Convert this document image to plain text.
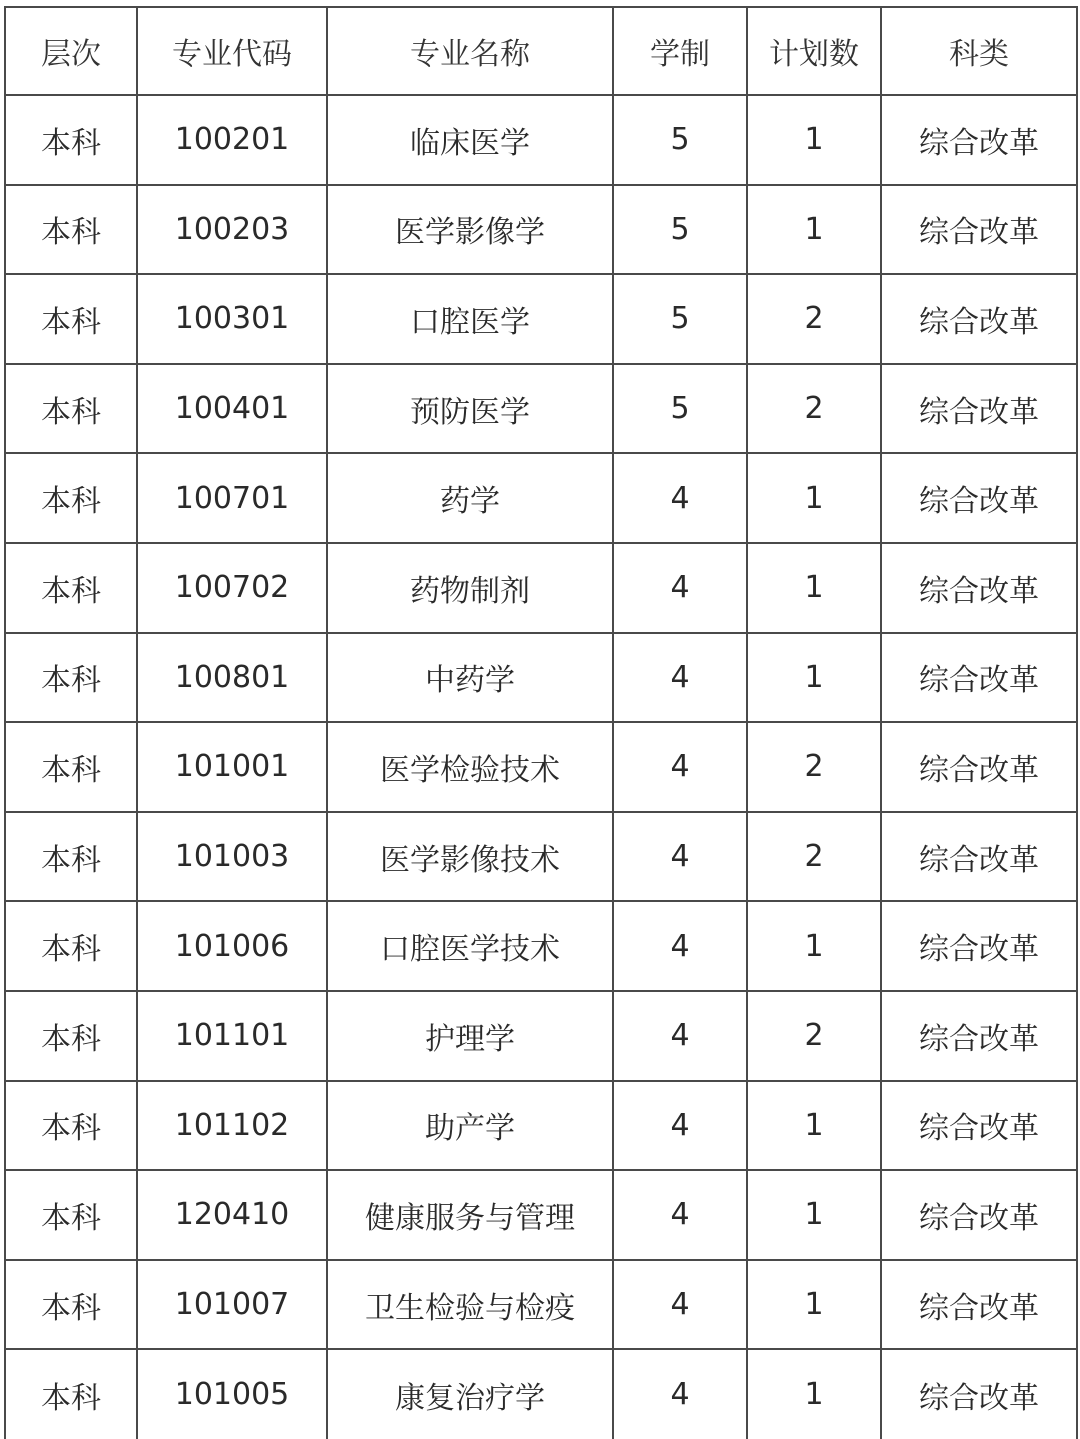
层次	专业代码	专业名称	学制	计划数	科类
本科	100201	临床医学	5	1	综合改革
本科	100203	医学影像学	5	1	综合改革
本科	100301	口腔医学	5	2	综合改革
本科	100401	预防医学	5	2	综合改革
本科	100701	药学	4	1	综合改革
本科	100702	药物制剂	4	1	综合改革
本科	100801	中药学	4	1	综合改革
本科	101001	医学检验技术	4	2	综合改革
本科	101003	医学影像技术	4	2	综合改革
本科	101006	口腔医学技术	4	1	综合改革
本科	101101	护理学	4	2	综合改革
本科	101102	助产学	4	1	综合改革
本科	120410	健康服务与管理	4	1	综合改革
本科	101007	卫生检验与检疫	4	1	综合改革
本科	101005	康复治疗学	4	1	综合改革
